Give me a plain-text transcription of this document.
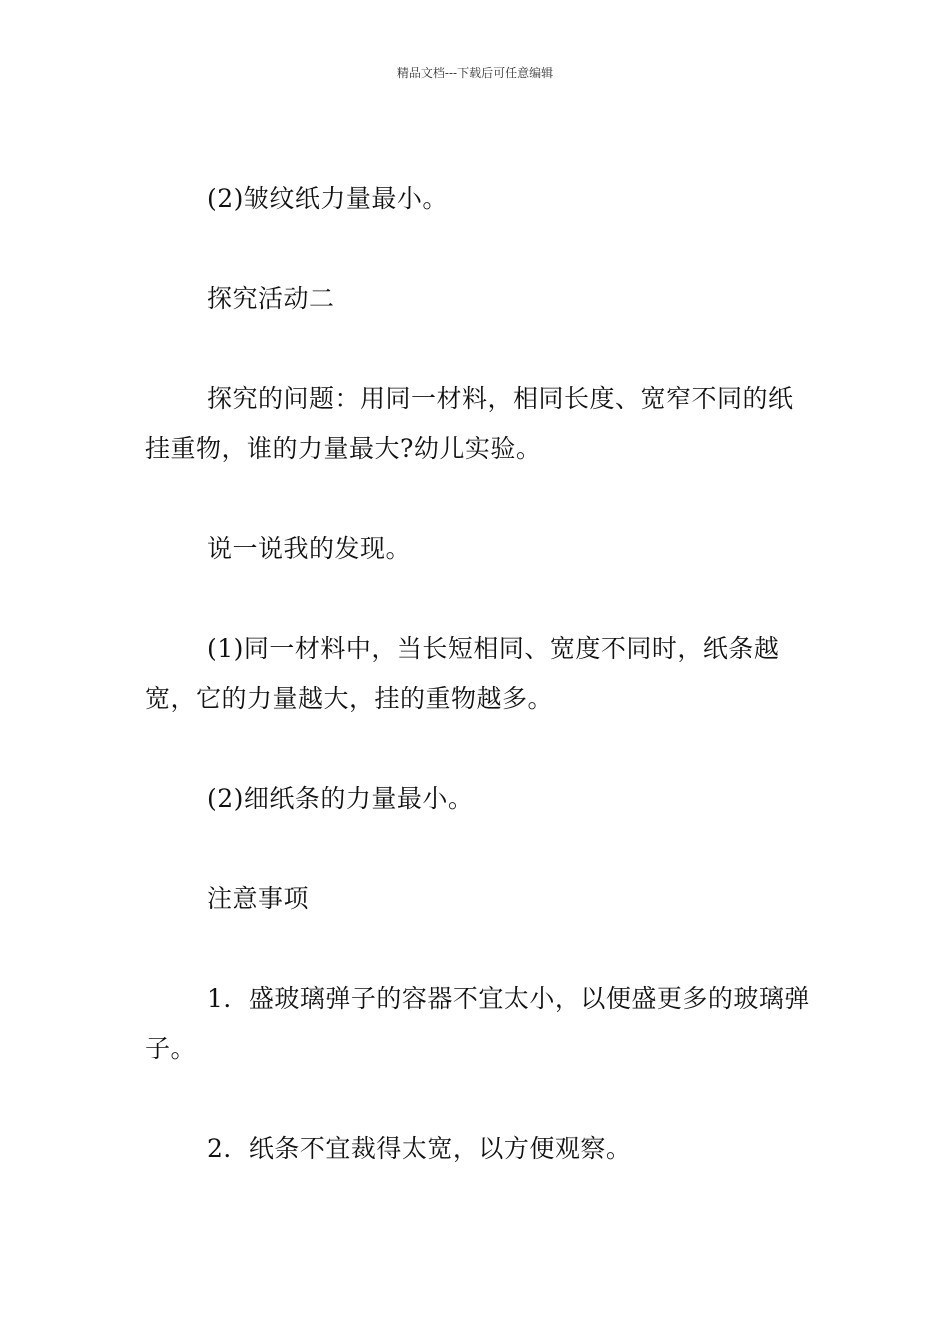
精品文档---下载后可任意编辑

(2)皱纹纸力量最小。

探究活动二

探究的问题：用同一材料，相同长度、宽窄不同的纸挂重物，谁的力量最大?幼儿实验。

说一说我的发现。

(1)同一材料中，当长短相同、宽度不同时，纸条越宽，它的力量越大，挂的重物越多。

(2)细纸条的力量最小。

注意事项

1．盛玻璃弹子的容器不宜太小，以便盛更多的玻璃弹子。

2．纸条不宜裁得太宽，以方便观察。
